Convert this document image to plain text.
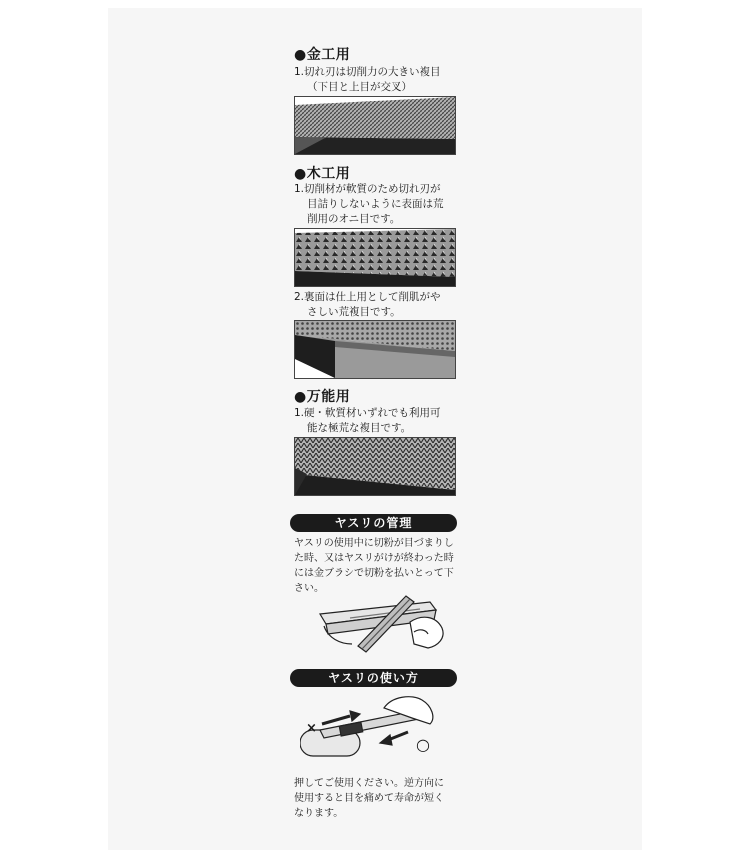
●金工用
1.切れ刃は切削力の大きい複目
（下目と上目が交叉）
●木工用
1.切削材が軟質のため切れ刃が
目詰りしないように表面は荒
削用のオニ目です。
2.裏面は仕上用として削肌がや
さしい荒複目です。
●万能用
1.硬・軟質材いずれでも利用可
能な極荒な複目です。
ヤスリの管理
ヤスリの使用中に切粉が目づまりし
た時、又はヤスリがけが終わった時
には金ブラシで切粉を払いとって下
さい。
ヤスリの使い方
×
○
押してご使用ください。逆方向に
使用すると目を痛めて寿命が短く
なります。
